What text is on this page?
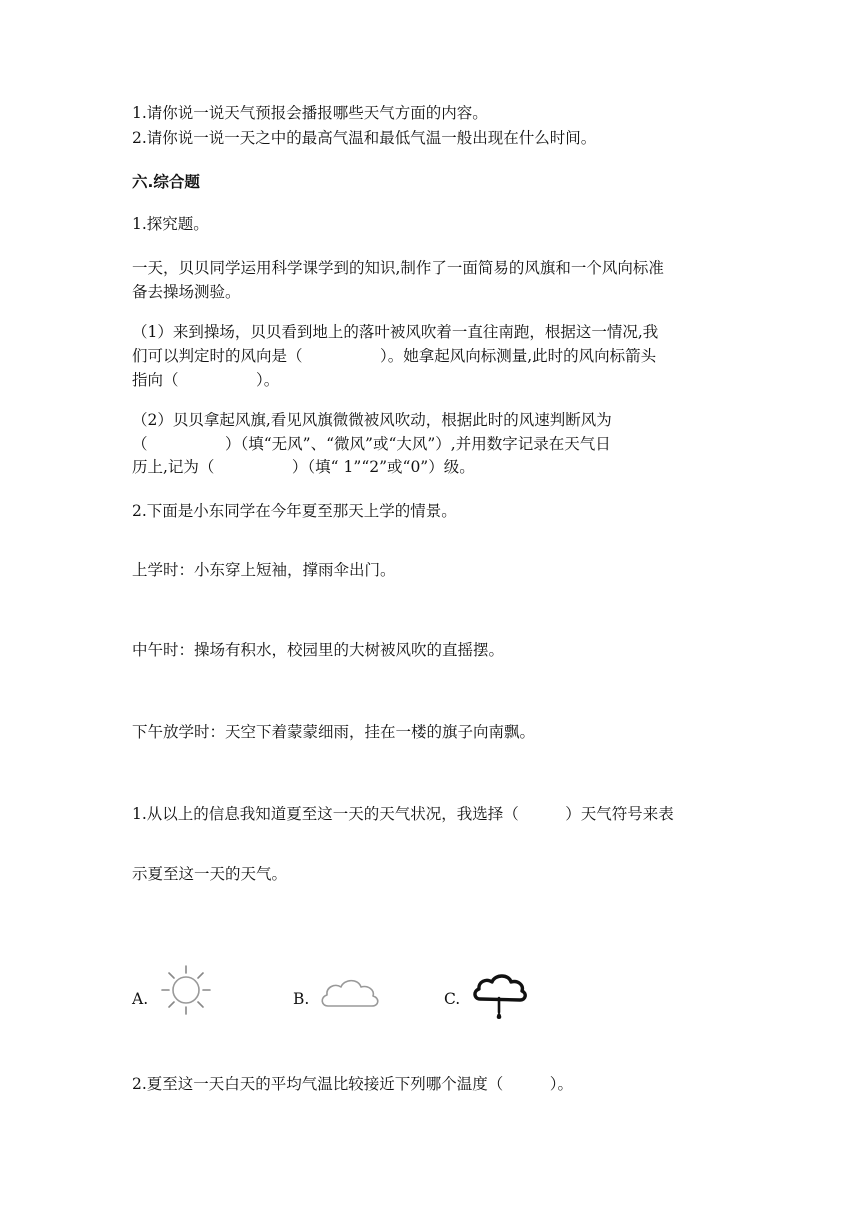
1.请你说一说天气预报会播报哪些天气方面的内容。
2.请你说一说一天之中的最高气温和最低气温一般出现在什么时间。
六.综合题
1.探究题。
一天，贝贝同学运用科学课学到的知识,制作了一面简易的风旗和一个风向标准
备去操场测验。
（1）来到操场，贝贝看到地上的落叶被风吹着一直往南跑，根据这一情况,我
们可以判定时的风向是（　　　　　）。她拿起风向标测量,此时的风向标箭头
指向（　　　　　）。
（2）贝贝拿起风旗,看见风旗微微被风吹动，根据此时的风速判断风为
（　　　　　）（填“无风”、“微风”或“大风”）,并用数字记录在天气日
历上,记为（　　　　　）（填“ 1”“2”或“0”）级。
2.下面是小东同学在今年夏至那天上学的情景。
上学时：小东穿上短袖，撑雨伞出门。
中午时：操场有积水，校园里的大树被风吹的直摇摆。
下午放学时：天空下着蒙蒙细雨，挂在一楼的旗子向南飘。
1.从以上的信息我知道夏至这一天的天气状况，我选择（　　　）天气符号来表
示夏至这一天的天气。
A.	B.	C.
2.夏至这一天白天的平均气温比较接近下列哪个温度（　　　）。
